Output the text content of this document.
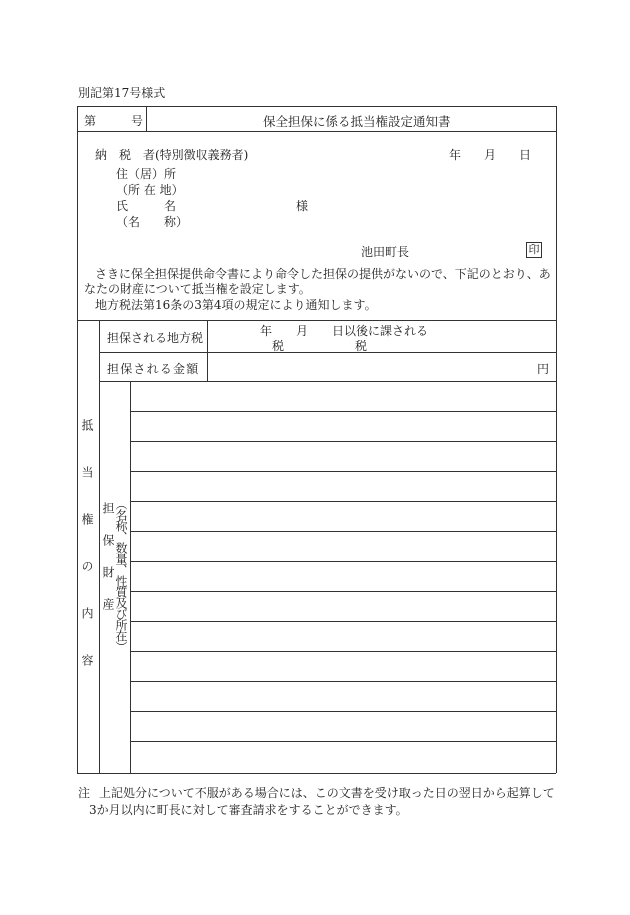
別記第17号様式
第	号	保全担保に係る抵当権設定通知書
納　税　者(特別徴収義務者)	年 月 日
住（居）所
（所 在 地）
氏　　　名	様
（名　　称）
池田町長	印
さきに保全担保提供命令書により命令した担保の提供がないので、下記のとおり、あ
なたの財産について抵当権を設定します。
地方税法第16条の3第4項の規定により通知します。
抵当権の内容
担保される地方税	年　　月　　日以後に課される
税	税
担保される金額	円
担保財産 （名称、数量、性質及び所在）
注 上記処分について不服がある場合には、この文書を受け取った日の翌日から起算して
3か月以内に町長に対して審査請求をすることができます。
